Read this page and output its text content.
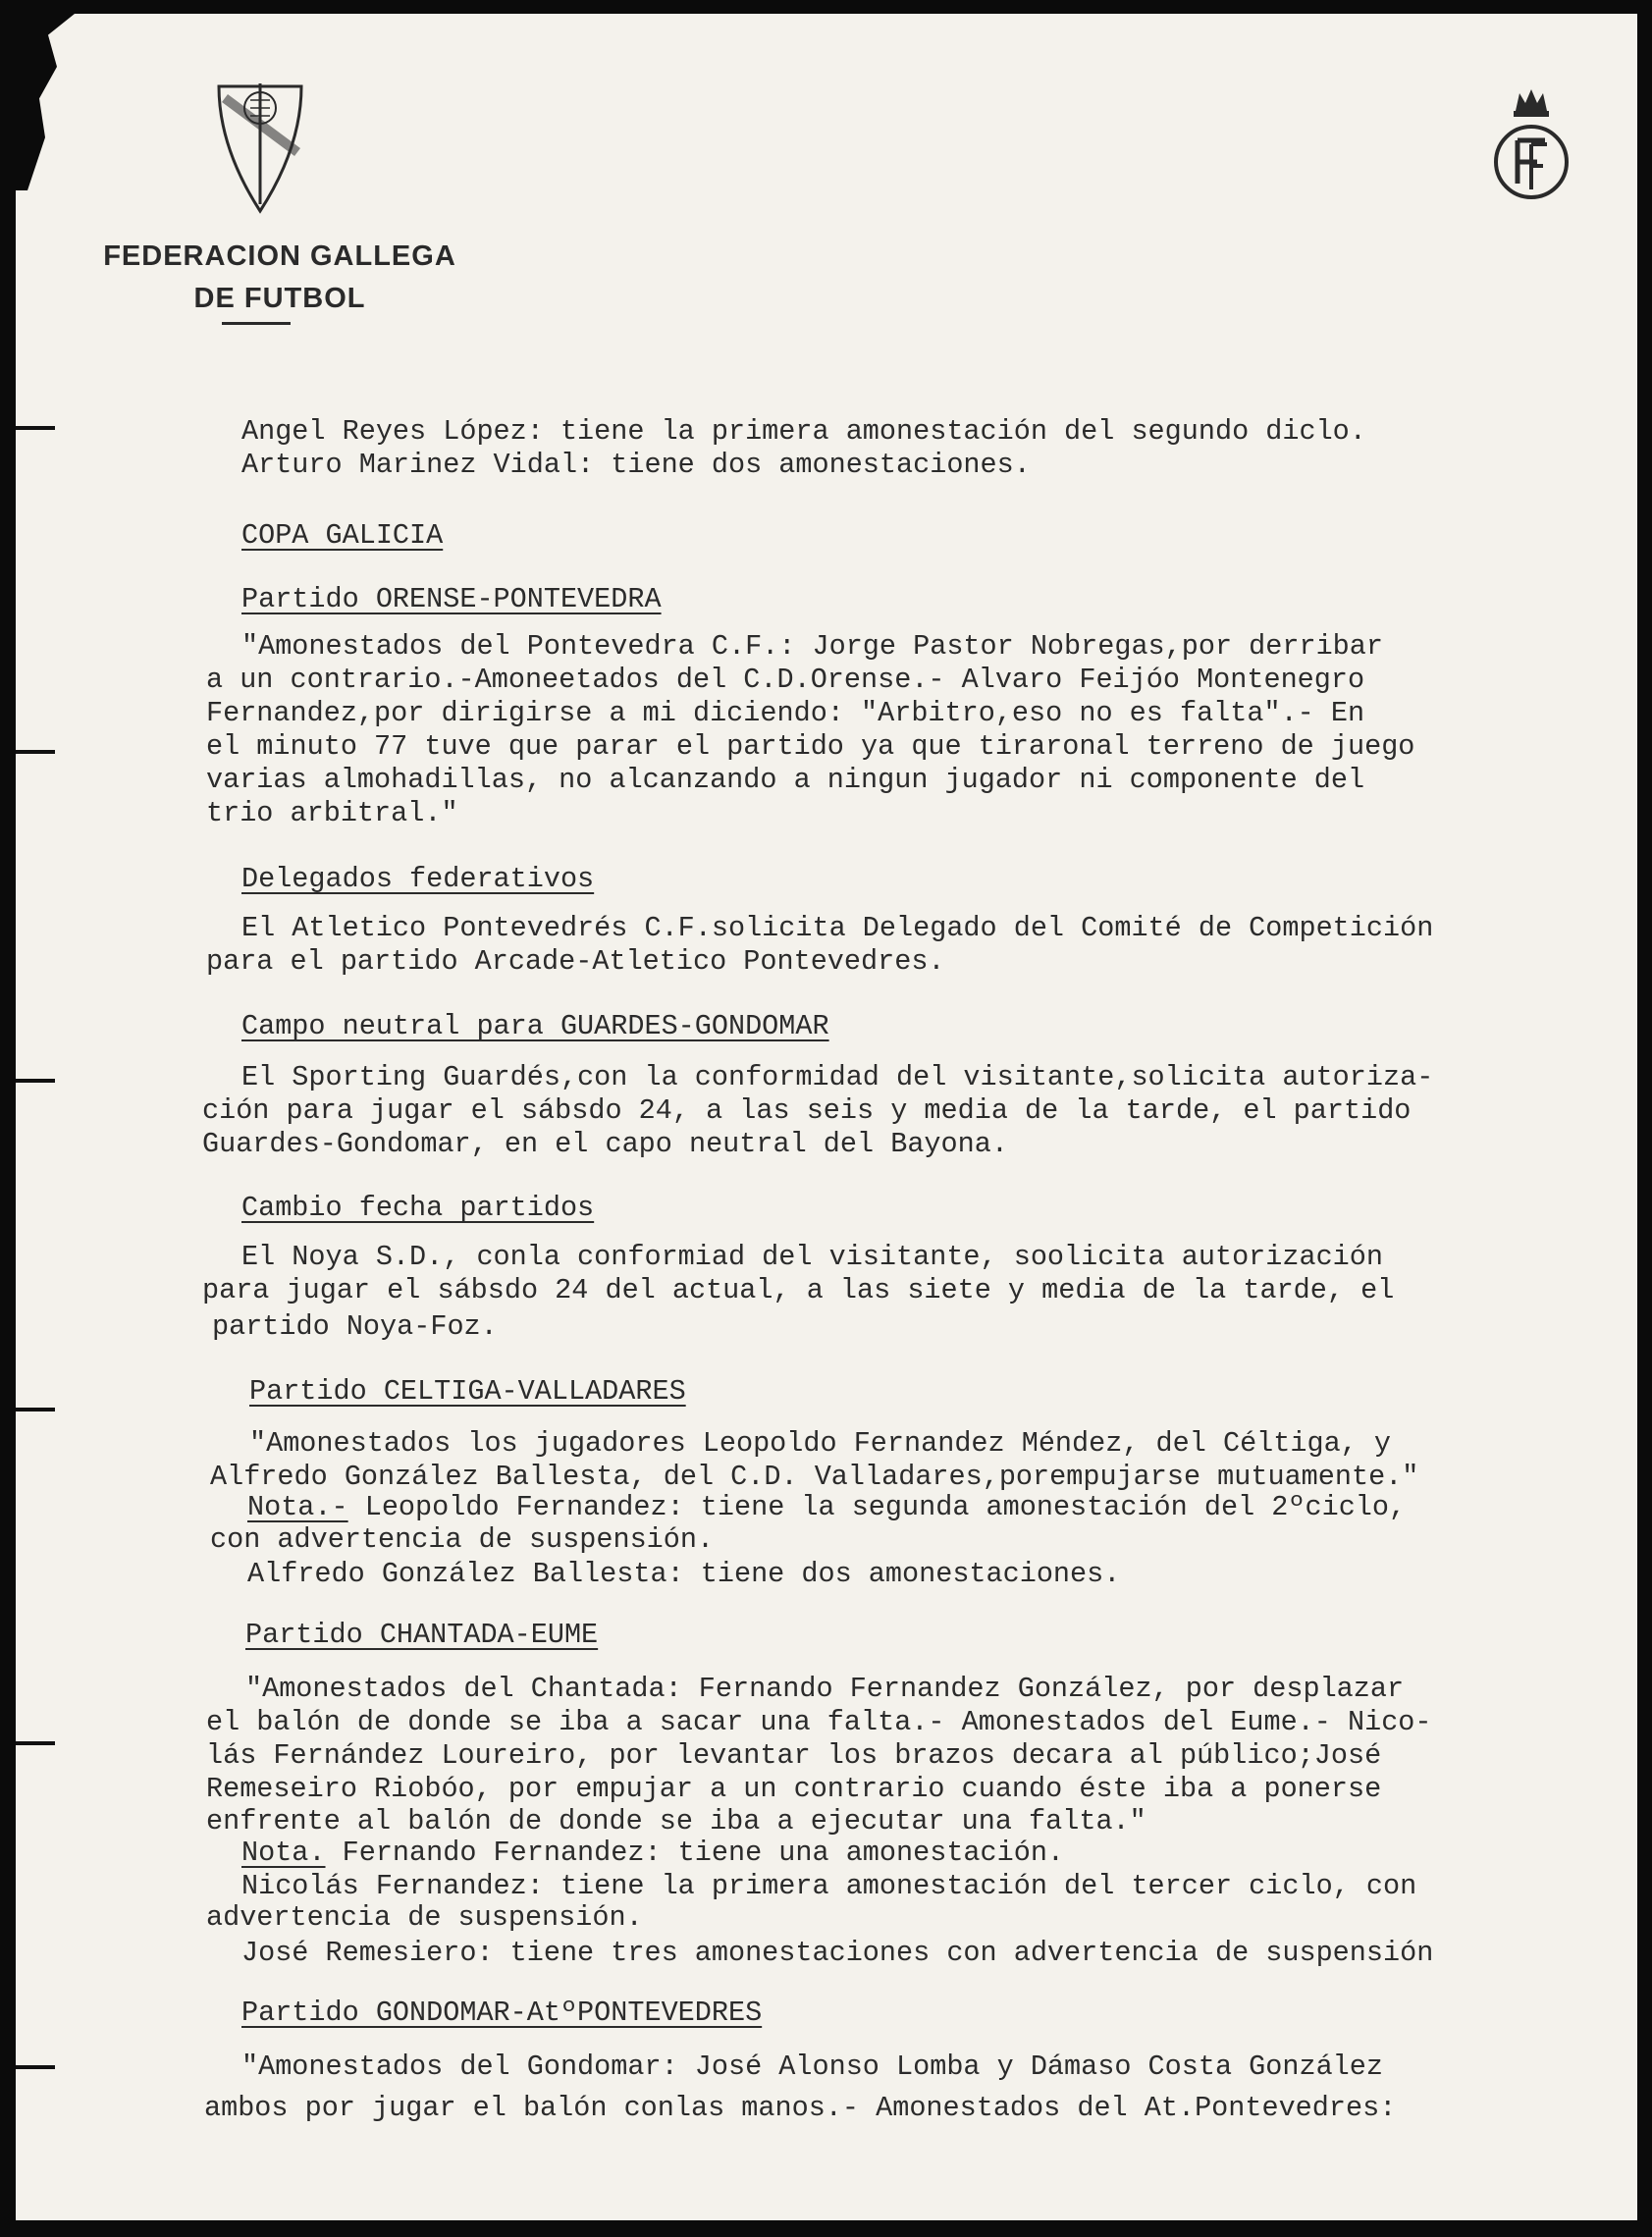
FEDERACION GALLEGA
DE FUTBOL
Angel Reyes López: tiene la primera amonestación del segundo diclo.
Arturo Marinez Vidal: tiene dos amonestaciones.
COPA GALICIA
Partido ORENSE-PONTEVEDRA
"Amonestados del Pontevedra C.F.: Jorge Pastor Nobregas,por derribar
a un contrario.-Amoneetados del C.D.Orense.- Alvaro Feijóo Montenegro
Fernandez,por dirigirse a mi diciendo: "Arbitro,eso no es falta".- En
el minuto 77 tuve que parar el partido ya que tiraronal terreno de juego
varias almohadillas, no alcanzando a ningun jugador ni componente del
trio arbitral."
Delegados federativos
El Atletico Pontevedrés C.F.solicita Delegado del Comité de Competición
para el partido Arcade-Atletico Pontevedres.
Campo neutral para GUARDES-GONDOMAR
El Sporting Guardés,con la conformidad del visitante,solicita autoriza-
ción para jugar el sábsdo 24, a las seis y media de la tarde, el partido
Guardes-Gondomar, en el capo neutral del Bayona.
Cambio fecha partidos
El Noya S.D., conla conformiad del visitante, soolicita autorización
para jugar el sábsdo 24 del actual, a las siete y media de la tarde, el
partido Noya-Foz.
Partido CELTIGA-VALLADARES
"Amonestados los jugadores Leopoldo Fernandez Méndez, del Céltiga, y
Alfredo González Ballesta, del C.D. Valladares,porempujarse mutuamente."
Nota.- Leopoldo Fernandez: tiene la segunda amonestación del 2ºciclo,
con advertencia de suspensión.
Alfredo González Ballesta: tiene dos amonestaciones.
Partido CHANTADA-EUME
"Amonestados del Chantada: Fernando Fernandez González, por desplazar
el balón de donde se iba a sacar una falta.- Amonestados del Eume.- Nico-
lás Fernández Loureiro, por levantar los brazos decara al público;José
Remeseiro Riobóo, por empujar a un contrario cuando éste iba a ponerse
enfrente al balón de donde se iba a ejecutar una falta."
Nota. Fernando Fernandez: tiene una amonestación.
Nicolás Fernandez: tiene la primera amonestación del tercer ciclo, con
advertencia de suspensión.
José Remesiero: tiene tres amonestaciones con advertencia de suspensión
Partido GONDOMAR-AtºPONTEVEDRES
"Amonestados del Gondomar: José Alonso Lomba y Dámaso Costa González
ambos por jugar el balón conlas manos.- Amonestados del At.Pontevedres:
